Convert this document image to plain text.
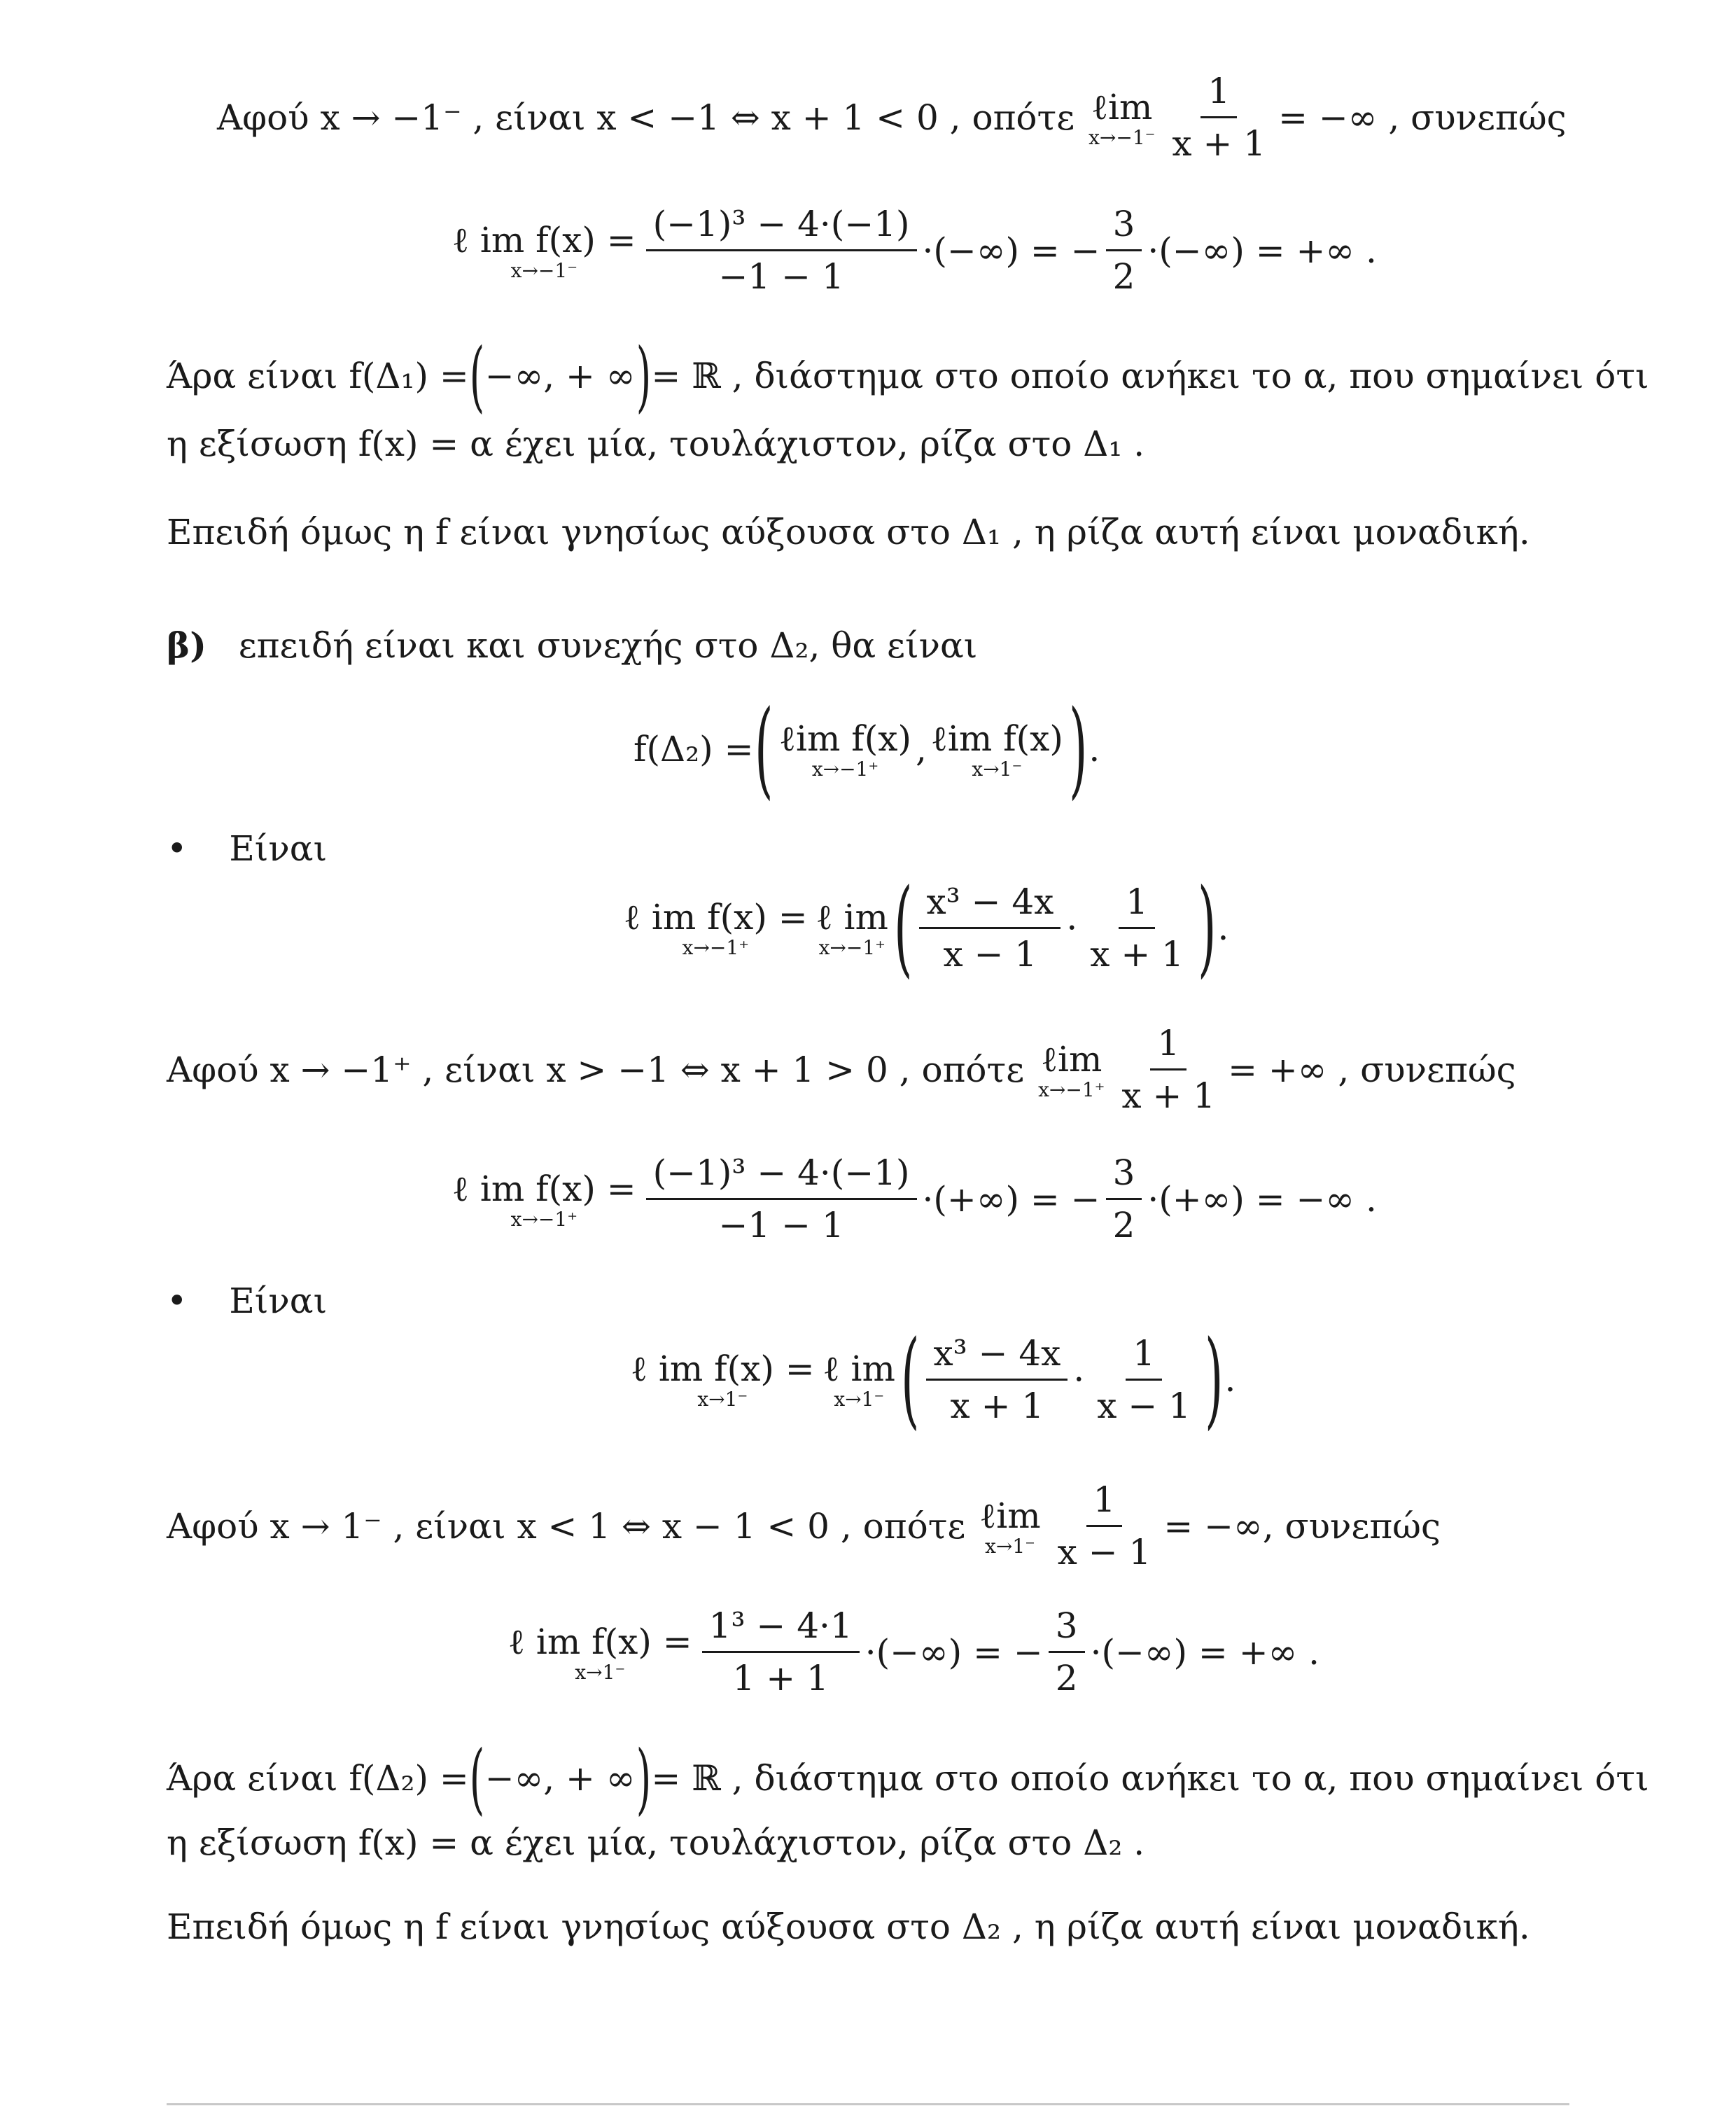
Αφού x → −1⁻ , είναι x < −1 ⇔ x + 1 < 0 , οπότε ℓim
$x\to-1^- \frac{1}{x + 1}$ = −∞ , συνεπώς
ℓ im f(x) =
$x\to-1^- \frac{\text{(−1)³ − 4·(−1)}}{-1 - 1}$ ·(−∞) = − $\frac{3}{2}$ ·(−∞) = +∞ .
Άρα είναι f(Δ₁) = ( −∞, + ∞ ) = ℝ , διάστημα στο οποίο ανήκει το α, που σημαίνει ότι
η εξίσωση f(x) = α έχει μία, τουλάχιστον, ρίζα στο Δ₁ .
Επειδή όμως η f είναι γνησίως αύξουσα στο Δ₁ , η ρίζα αυτή είναι μοναδική.
β) επειδή είναι και συνεχής στο Δ₂, θα είναι
f(Δ₂) = ( ℓim f(x)
x→−1⁺ , ℓim f(x)
x→1⁻ ) .
• Είναι
ℓ im f(x) =
x→−1⁺
ℓ im
x→−1⁺ ( $\frac{\text{x³ − 4x}}{x - 1} \cdot \frac{1}{x + 1}$ ) .
Αφού x → −1⁺ , είναι x > −1 ⇔ x + 1 > 0 , οπότε ℓim
$x\to-1^+ \frac{1}{x + 1}$ = +∞ , συνεπώς
ℓ im f(x) =
$x\to-1^+ \frac{\text{(−1)³ − 4·(−1)}}{-1 - 1}$ ·(+∞) = − $\frac{3}{2}$ ·(+∞) = −∞ .
• Είναι
ℓ im f(x) =
x→1⁻
ℓ im
x→1⁻ ( $\frac{\text{x³ − 4x}}{x + 1} \cdot \frac{1}{x - 1}$ ) .
Αφού x → 1⁻ , είναι x < 1 ⇔ x − 1 < 0 , οπότε ℓim
$x\to 1^- \frac{1}{x - 1}$ = −∞, συνεπώς
ℓ im f(x) =
$x\to 1^- \frac{\text{1³ − 4·1}}{1 + 1}$ ·(−∞) = − $\frac{3}{2}$ ·(−∞) = +∞ .
Άρα είναι f(Δ₂) = ( −∞, + ∞ ) = ℝ , διάστημα στο οποίο ανήκει το α, που σημαίνει ότι
η εξίσωση f(x) = α έχει μία, τουλάχιστον, ρίζα στο Δ₂ .
Επειδή όμως η f είναι γνησίως αύξουσα στο Δ₂ , η ρίζα αυτή είναι μοναδική.
